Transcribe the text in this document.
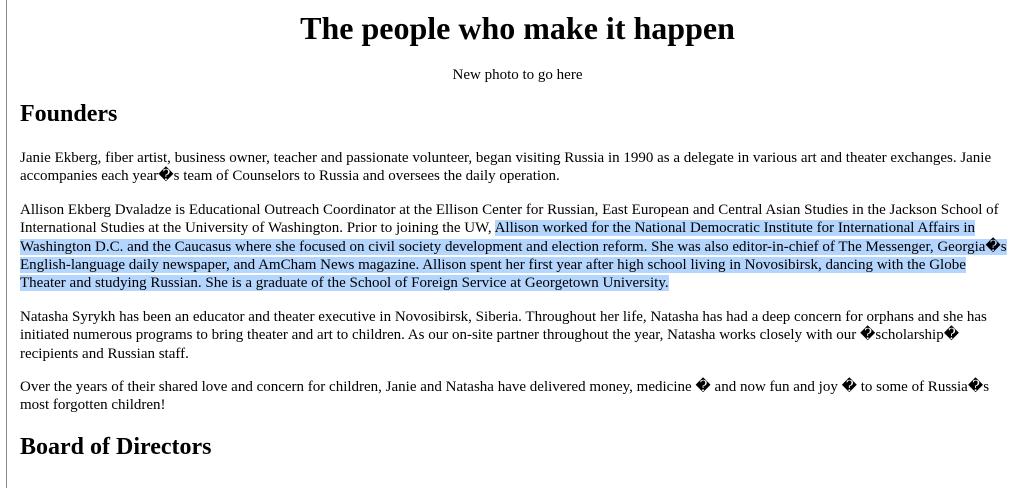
The people who make it happen
New photo to go here
Founders

Janie Ekberg, fiber artist, business owner, teacher and passionate volunteer, began visiting Russia in 1990 as a delegate in various art and theater exchanges. Janie accompanies each year�s team of Counselors to Russia and oversees the daily operation.

Allison Ekberg Dvaladze is Educational Outreach Coordinator at the Ellison Center for Russian, East European and Central Asian Studies in the Jackson School of International Studies at the University of Washington. Prior to joining the UW, Allison worked for the National Democratic Institute for International Affairs in Washington D.C. and the Caucasus where she focused on civil society development and election reform. She was also editor-in-chief of The Messenger, Georgia�s English-language daily newspaper, and AmCham News magazine. Allison spent her first year after high school living in Novosibirsk, dancing with the Globe Theater and studying Russian. She is a graduate of the School of Foreign Service at Georgetown University.

Natasha Syrykh has been an educator and theater executive in Novosibirsk, Siberia. Throughout her life, Natasha has had a deep concern for orphans and she has initiated numerous programs to bring theater and art to children. As our on-site partner throughout the year, Natasha works closely with our �scholarship� recipients and Russian staff.

Over the years of their shared love and concern for children, Janie and Natasha have delivered money, medicine � and now fun and joy � to some of Russia�s most forgotten children!

Board of Directors
